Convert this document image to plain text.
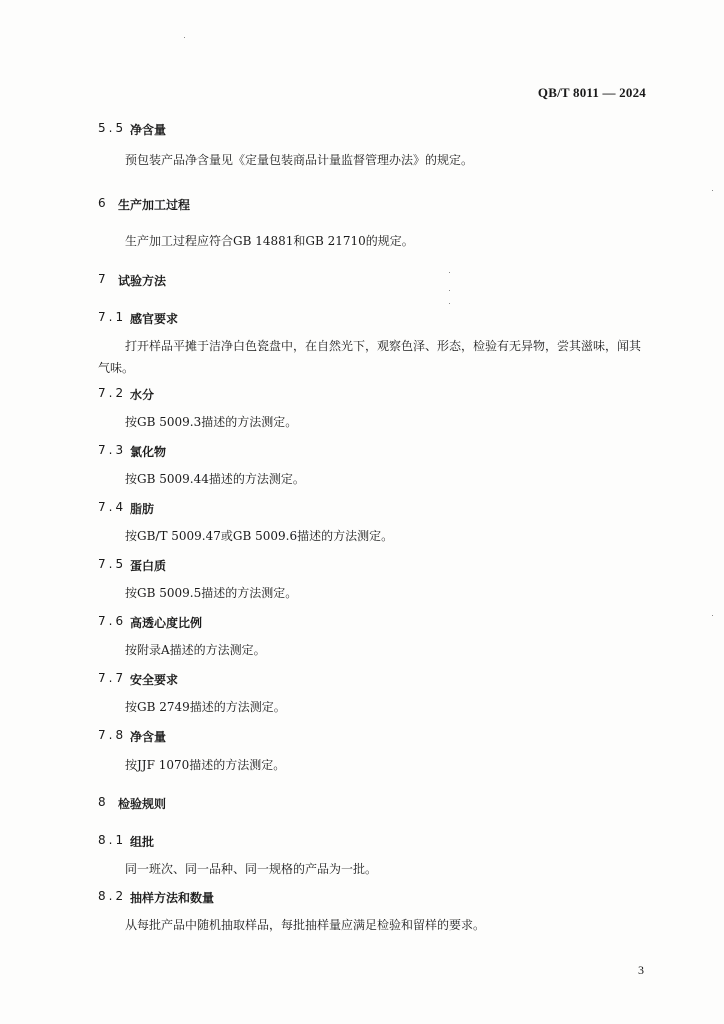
QB/T 8011 — 2024
5.5 净含量
预包装产品净含量见《定量包装商品计量监督管理办法》的规定。
6 生产加工过程
生产加工过程应符合GB 14881和GB 21710的规定。
7 试验方法
7.1 感官要求
打开样品平摊于洁净白色瓷盘中，在自然光下，观察色泽、形态，检验有无异物，尝其滋味，闻其气味。
7.2 水分
按GB 5009.3描述的方法测定。
7.3 氯化物
按GB 5009.44描述的方法测定。
7.4 脂肪
按GB/T 5009.47或GB 5009.6描述的方法测定。
7.5 蛋白质
按GB 5009.5描述的方法测定。
7.6 高透心度比例
按附录A描述的方法测定。
7.7 安全要求
按GB 2749描述的方法测定。
7.8 净含量
按JJF 1070描述的方法测定。
8 检验规则
8.1 组批
同一班次、同一品种、同一规格的产品为一批。
8.2 抽样方法和数量
从每批产品中随机抽取样品，每批抽样量应满足检验和留样的要求。
3
